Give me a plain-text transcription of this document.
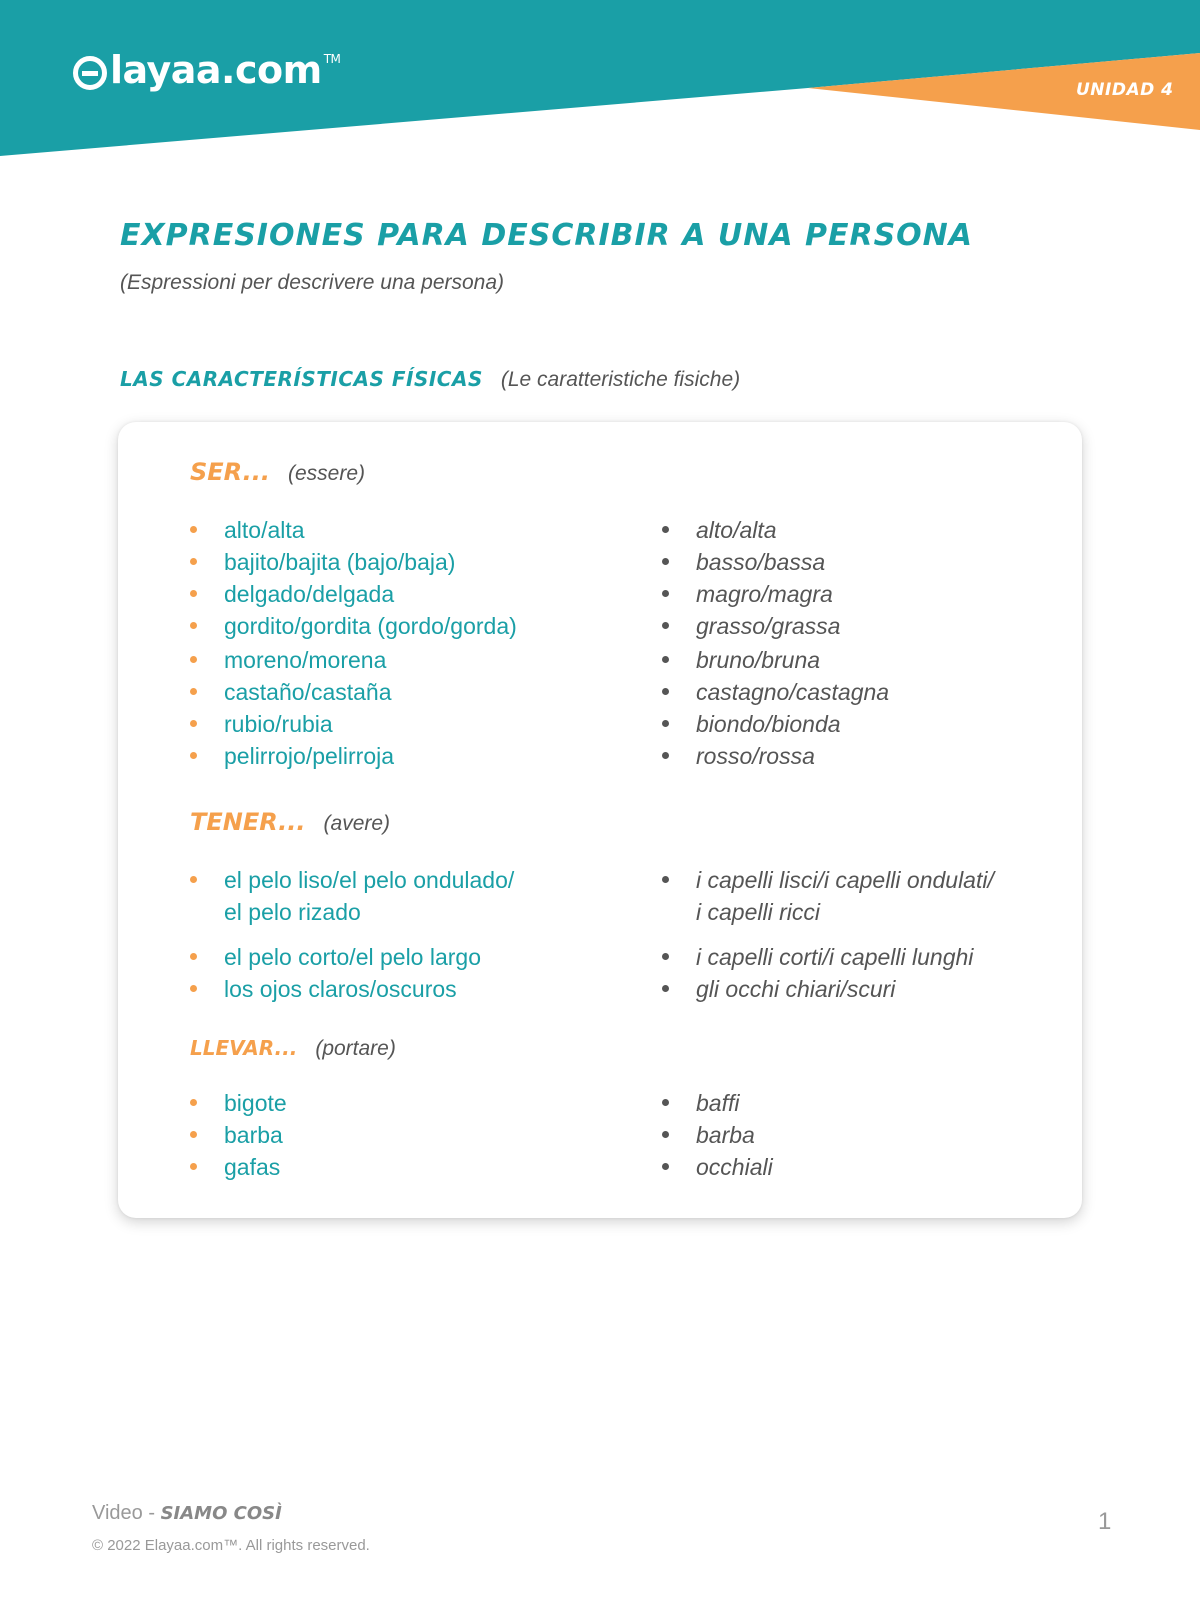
layaa.com™
UNIDAD 4
EXPRESIONES PARA DESCRIBIR A UNA PERSONA
(Espressioni per descrivere una persona)
LAS CARACTERÍSTICAS FÍSICAS (Le caratteristiche fisiche)
SER... (essere)
alto/alta
bajito/bajita (bajo/baja)
delgado/delgada
gordito/gordita (gordo/gorda)
moreno/morena
castaño/castaña
rubio/rubia
pelirrojo/pelirroja
alto/alta
basso/bassa
magro/magra
grasso/grassa
bruno/bruna
castagno/castagna
biondo/bionda
rosso/rossa
TENER... (avere)
el pelo liso/el pelo ondulado/
el pelo rizado
el pelo corto/el pelo largo
los ojos claros/oscuros
i capelli lisci/i capelli ondulati/
i capelli ricci
i capelli corti/i capelli lunghi
gli occhi chiari/scuri
LLEVAR... (portare)
bigote
barba
gafas
baffi
barba
occhiali
Video - SIAMO COSÌ
© 2022 Elayaa.com™. All rights reserved.
1
